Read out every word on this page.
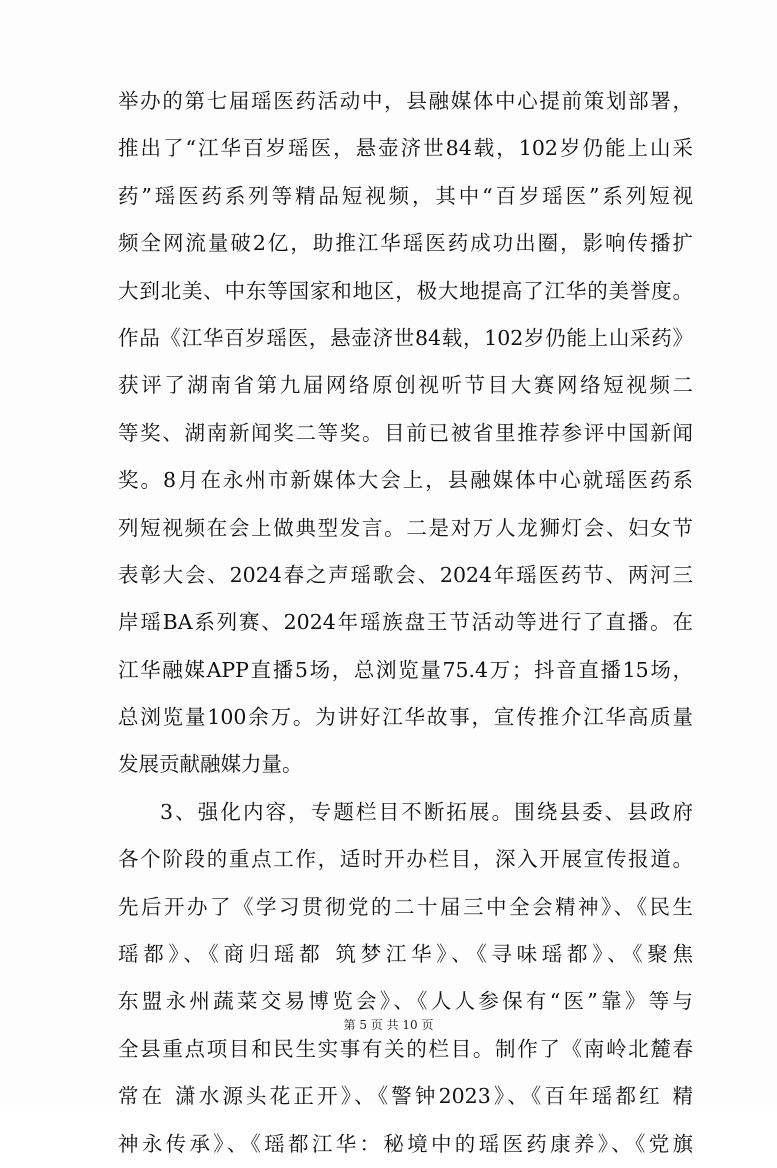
举办的第七届瑶医药活动中，县融媒体中心提前策划部署，
推出了“江华百岁瑶医，悬壶济世84载，102岁仍能上山采
药”瑶医药系列等精品短视频，其中“百岁瑶医”系列短视
频全网流量破2亿，助推江华瑶医药成功出圈，影响传播扩
大到北美、中东等国家和地区，极大地提高了江华的美誉度。
作品《江华百岁瑶医，悬壶济世84载，102岁仍能上山采药》
获评了湖南省第九届网络原创视听节目大赛网络短视频二
等奖、湖南新闻奖二等奖。目前已被省里推荐参评中国新闻
奖。8月在永州市新媒体大会上，县融媒体中心就瑶医药系
列短视频在会上做典型发言。二是对万人龙狮灯会、妇女节
表彰大会、2024春之声瑶歌会、2024年瑶医药节、两河三
岸瑶BA系列赛、2024年瑶族盘王节活动等进行了直播。在
江华融媒APP直播5场，总浏览量75.4万；抖音直播15场，
总浏览量100余万。为讲好江华故事，宣传推介江华高质量
发展贡献融媒力量。
3、强化内容，专题栏目不断拓展。围绕县委、县政府
各个阶段的重点工作，适时开办栏目，深入开展宣传报道。
先后开办了《学习贯彻党的二十届三中全会精神》、《民生
瑶都》、《商归瑶都 筑梦江华》、《寻味瑶都》、《聚焦
东盟永州蔬菜交易博览会》、《人人参保有“医”靠》等与
全县重点项目和民生实事有关的栏目。制作了《南岭北麓春
常在 潇水源头花正开》、《警钟2023》、《百年瑶都红 精
神永传承》、《瑶都江华：秘境中的瑶医药康养》、《党旗
第 5 页 共 10 页
